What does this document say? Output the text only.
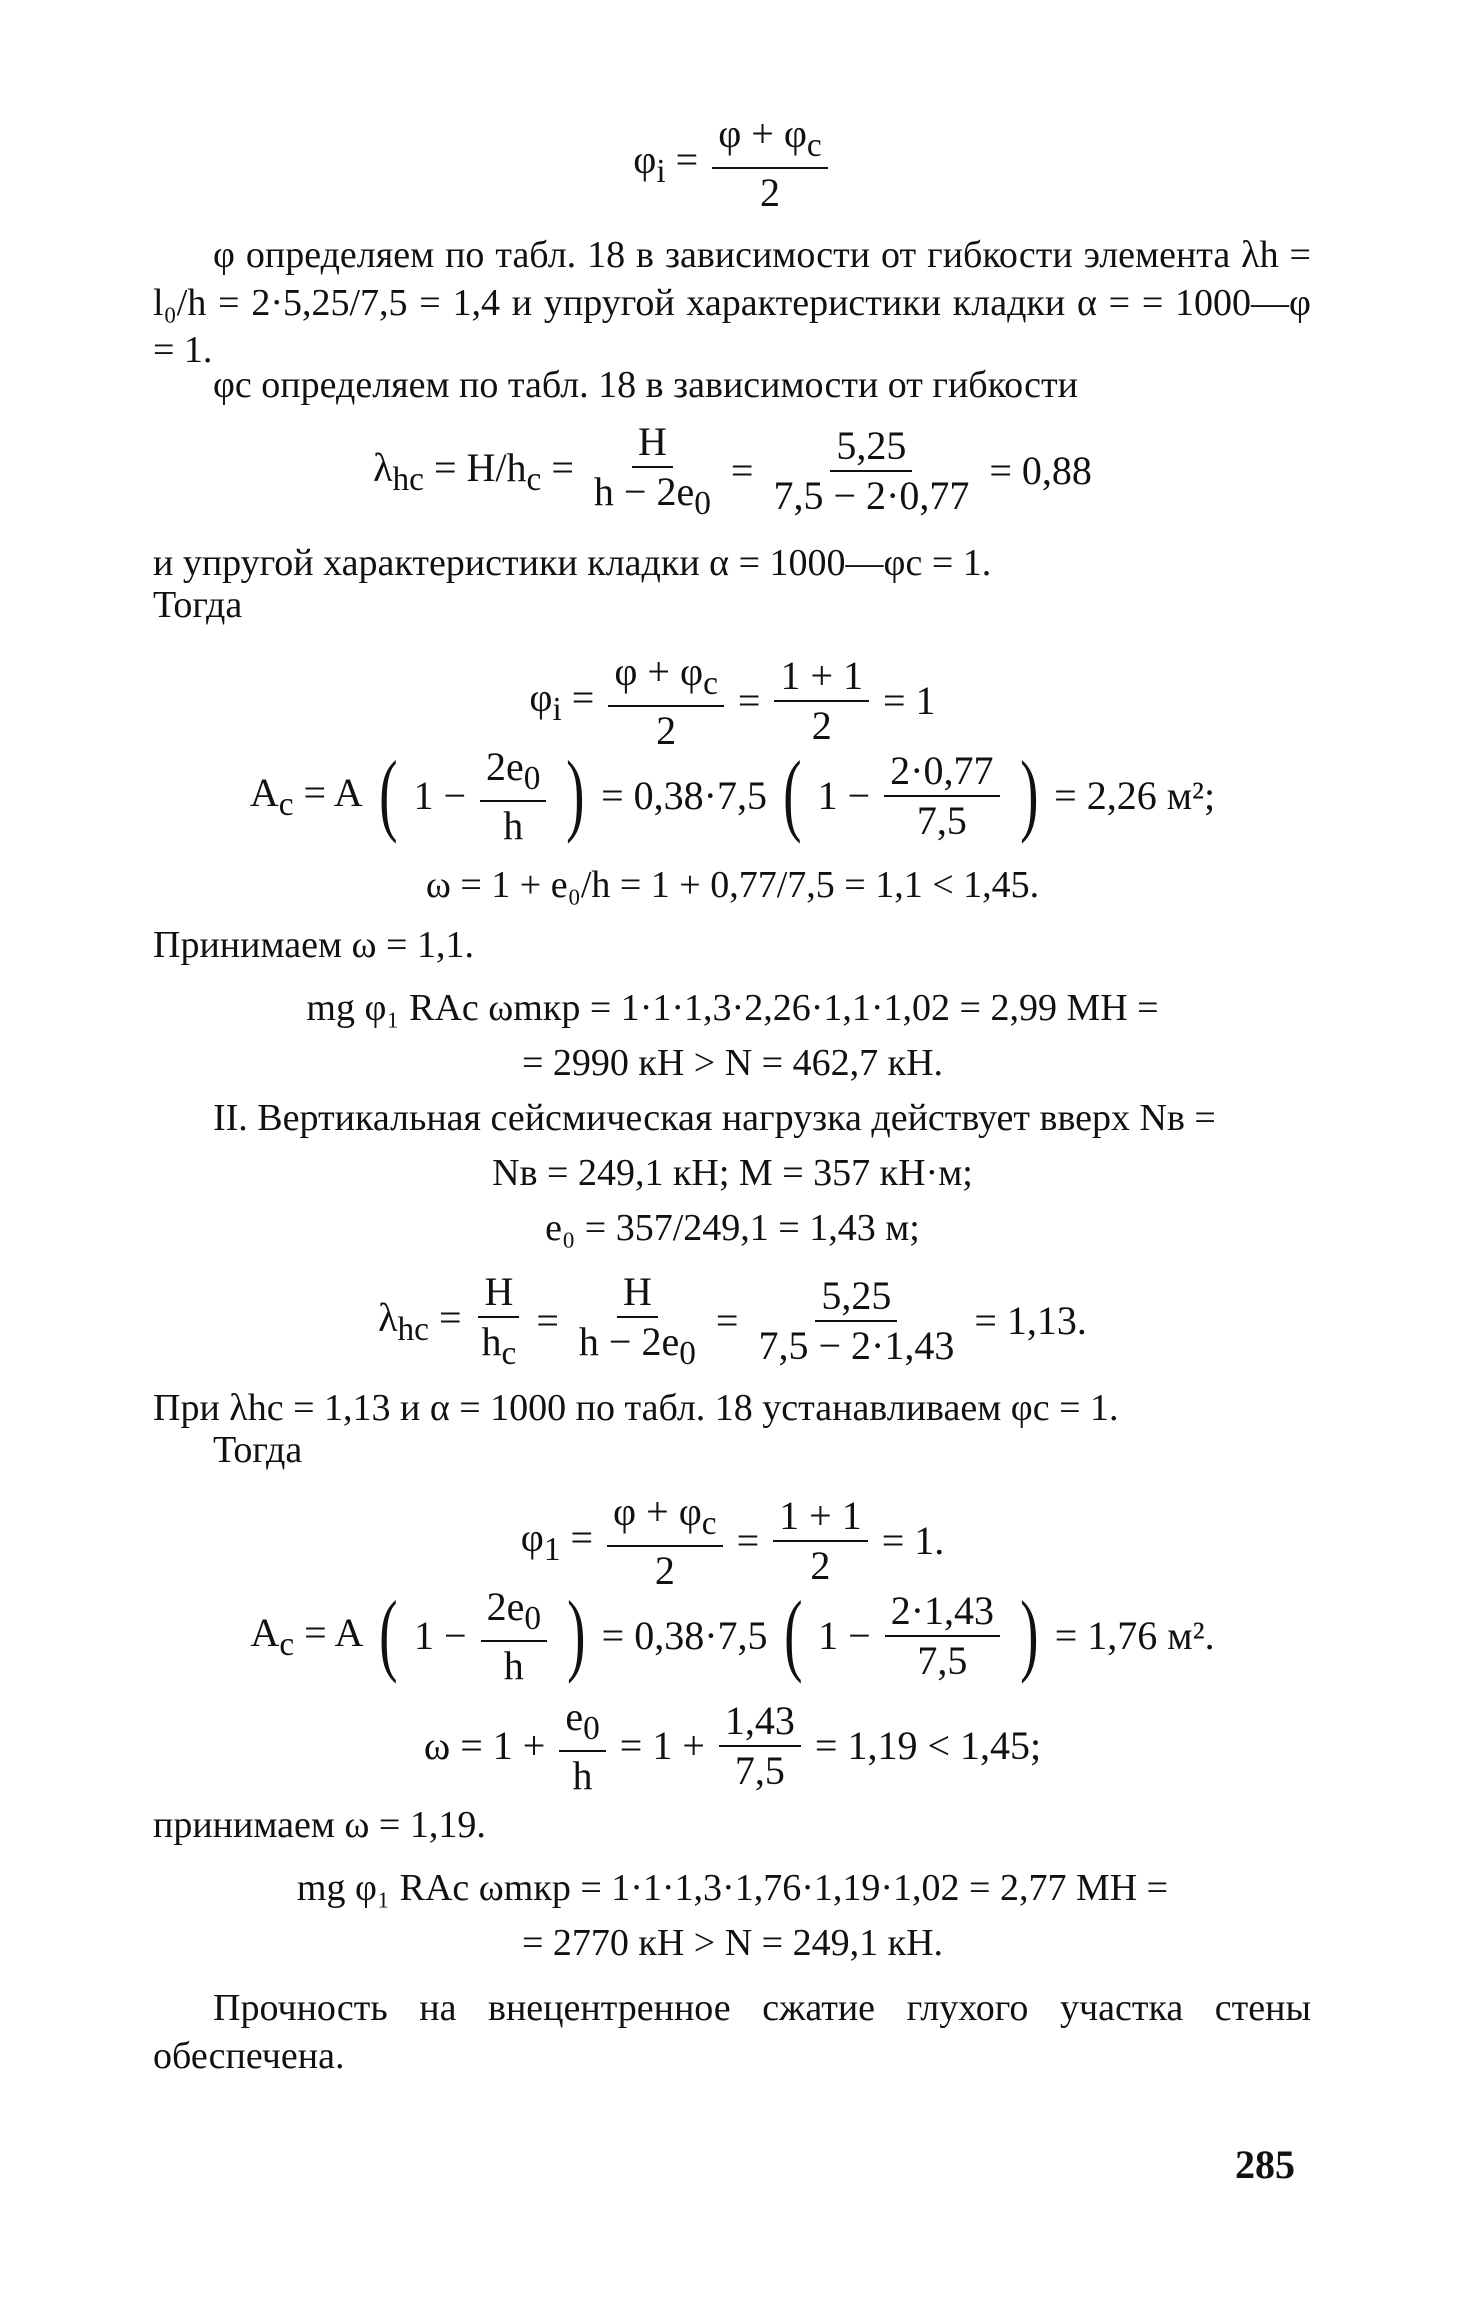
$\varphi_i = \frac{\varphi + \varphi_c}{2}$
φ определяем по табл. 18 в зависимости от гибкости элемента λh = l₀/h = 2·5,25/7,5 = 1,4 и упругой характеристики кладки α = = 1000—φ = 1.
φc определяем по табл. 18 в зависимости от гибкости
$\lambda_{hc} = H/h_c = \frac{H}{h - 2e_0} = \frac{5,25}{7,5 - 2\cdot 0,77} = 0,88$
и упругой характеристики кладки α = 1000—φc = 1.
Тогда
$\varphi_i = \frac{\varphi + \varphi_c}{2} = \frac{1 + 1}{2} = 1$
$A_c = A$ ( $1 - \frac{2e_0}{h}$ ) = 0,38·7,5 ( $1 - \frac{2\cdot 0,77}{7,5}$ ) = 2,26 м²;
ω = 1 + e₀/h = 1 + 0,77/7,5 = 1,1 < 1,45.
Принимаем ω = 1,1.
mg φ₁ RAc ωmкр = 1·1·1,3·2,26·1,1·1,02 = 2,99 МН =
= 2990 кН > N = 462,7 кН.
II. Вертикальная сейсмическая нагрузка действует вверх Nв =
Nв = 249,1 кН; M = 357 кН·м;
e₀ = 357/249,1 = 1,43 м;
$\lambda_{hc} = \frac{H}{h_c} = \frac{H}{h - 2e_0} = \frac{5,25}{7,5 - 2\cdot 1,43} = 1,13$.
При λhc = 1,13 и α = 1000 по табл. 18 устанавливаем φc = 1.
Тогда
$\varphi_1 = \frac{\varphi + \varphi_c}{2} = \frac{1 + 1}{2} = 1$.
$A_c = A$ ( $1 - \frac{2e_0}{h}$ ) = 0,38·7,5 ( $1 - \frac{2\cdot 1,43}{7,5}$ ) = 1,76 м².
$\omega = 1 + \frac{e_0}{h} = 1 + \frac{1,43}{7,5} = 1,19 < 1,45$;
принимаем ω = 1,19.
mg φ₁ RAc ωmкр = 1·1·1,3·1,76·1,19·1,02 = 2,77 МН =
= 2770 кН > N = 249,1 кН.
Прочность на внецентренное сжатие глухого участка стены обеспечена.
285
